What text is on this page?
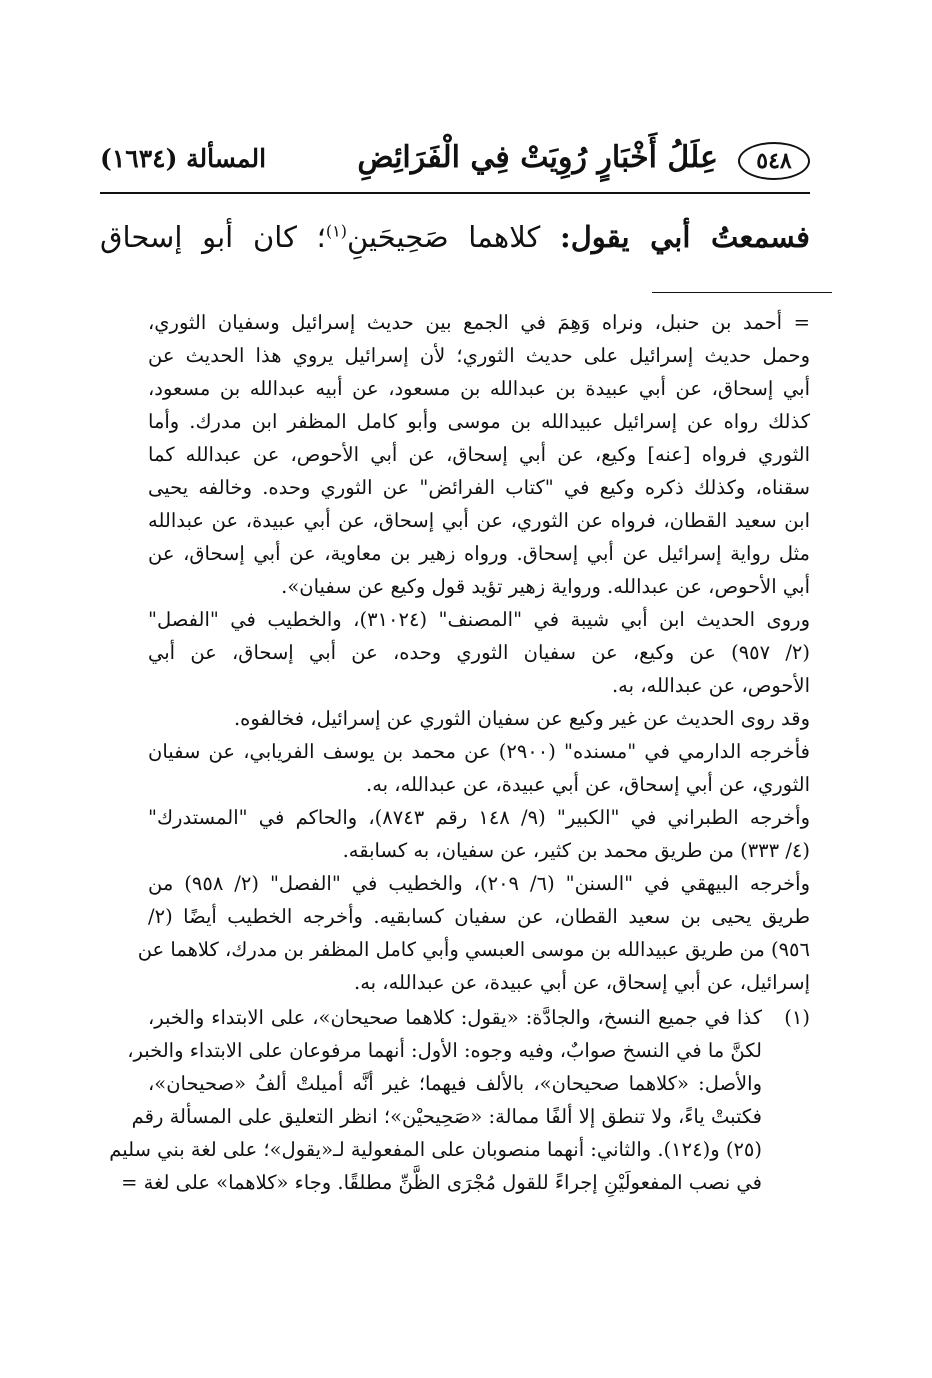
٥٤٨
عِلَلُ أَخْبَارٍ رُوِيَتْ فِي الْفَرَائِضِ
المسألة (١٦٣٤)
فسمعتُ أبي يقول: كلاهما صَحِيحَينِ$^{(١)}$؛ كان أبو إسحاق
= أحمد بن حنبل، ونراه وَهِمَ في الجمع بين حديث إسرائيل وسفيان الثوري،
وحمل حديث إسرائيل على حديث الثوري؛ لأن إسرائيل يروي هذا الحديث عن
أبي إسحاق، عن أبي عبيدة بن عبدالله بن مسعود، عن أبيه عبدالله بن مسعود،
كذلك رواه عن إسرائيل عبيدالله بن موسى وأبو كامل المظفر ابن مدرك. وأما
الثوري فرواه [عنه] وكيع، عن أبي إسحاق، عن أبي الأحوص، عن عبدالله كما
سقناه، وكذلك ذكره وكيع في "كتاب الفرائض" عن الثوري وحده. وخالفه يحيى
ابن سعيد القطان، فرواه عن الثوري، عن أبي إسحاق، عن أبي عبيدة، عن عبدالله
مثل رواية إسرائيل عن أبي إسحاق. ورواه زهير بن معاوية، عن أبي إسحاق، عن
أبي الأحوص، عن عبدالله. ورواية زهير تؤيد قول وكيع عن سفيان».
وروى الحديث ابن أبي شيبة في "المصنف" (٣١٠٢٤)، والخطيب في "الفصل"
(٢/ ٩٥٧) عن وكيع، عن سفيان الثوري وحده، عن أبي إسحاق، عن أبي
الأحوص، عن عبدالله، به.
وقد روى الحديث عن غير وكيع عن سفيان الثوري عن إسرائيل، فخالفوه.
فأخرجه الدارمي في "مسنده" (٢٩٠٠) عن محمد بن يوسف الفريابي، عن سفيان
الثوري، عن أبي إسحاق، عن أبي عبيدة، عن عبدالله، به.
وأخرجه الطبراني في "الكبير" (٩/ ١٤٨ رقم ٨٧٤٣)، والحاكم في "المستدرك"
(٤/ ٣٣٣) من طريق محمد بن كثير، عن سفيان، به كسابقه.
وأخرجه البيهقي في "السنن" (٦/ ٢٠٩)، والخطيب في "الفصل" (٢/ ٩٥٨) من
طريق يحيى بن سعيد القطان، عن سفيان كسابقيه. وأخرجه الخطيب أيضًا (٢/
٩٥٦) من طريق عبيدالله بن موسى العبسي وأبي كامل المظفر بن مدرك، كلاهما عن
إسرائيل، عن أبي إسحاق، عن أبي عبيدة، عن عبدالله، به.
(١)
كذا في جميع النسخ، والجادَّة: «يقول: كلاهما صحيحان»، على الابتداء والخبر،
لكنَّ ما في النسخ صوابٌ، وفيه وجوه: الأول: أنهما مرفوعان على الابتداء والخبر،
والأصل: «كلاهما صحيحان»، بالألف فيهما؛ غير أنَّه أميلتْ ألفُ «صحيحان»،
فكتبتْ ياءً، ولا تنطق إلا ألفًا ممالة: «صَحِيحيْن»؛ انظر التعليق على المسألة رقم
(٢٥) و(١٢٤). والثاني: أنهما منصوبان على المفعولية لـ«يقول»؛ على لغة بني سليم
في نصب المفعولَيْنِ إجراءً للقول مُجْرَى الظَّنِّ مطلقًا. وجاء «كلاهما» على لغة =
